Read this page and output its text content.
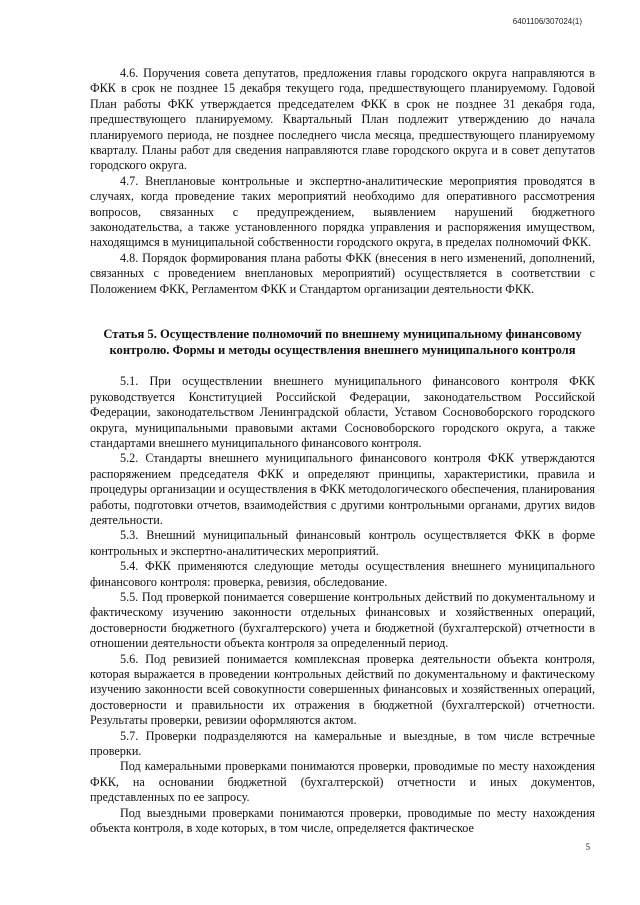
6401106/307024(1)

4.6. Поручения совета депутатов, предложения главы городского округа направляются в ФКК в срок не позднее 15 декабря текущего года, предшествующего планируемому. Годовой План работы ФКК утверждается председателем ФКК в срок не позднее 31 декабря года, предшествующего планируемому. Квартальный План подлежит утверждению до начала планируемого периода, не позднее последнего числа месяца, предшествующего планируемому кварталу. Планы работ для сведения направляются главе городского округа и в совет депутатов городского округа.

4.7. Внеплановые контрольные и экспертно-аналитические мероприятия проводятся в случаях, когда проведение таких мероприятий необходимо для оперативного рассмотрения вопросов, связанных с предупреждением, выявлением нарушений бюджетного законодательства, а также установленного порядка управления и распоряжения имуществом, находящимся в муниципальной собственности городского округа, в пределах полномочий ФКК.

4.8. Порядок формирования плана работы ФКК (внесения в него изменений, дополнений, связанных с проведением внеплановых мероприятий) осуществляется в соответствии с Положением ФКК, Регламентом ФКК и Стандартом организации деятельности ФКК.

Статья 5. Осуществление полномочий по внешнему муниципальному финансовому контролю. Формы и методы осуществления внешнего муниципального контроля

5.1. При осуществлении внешнего муниципального финансового контроля ФКК руководствуется Конституцией Российской Федерации, законодательством Российской Федерации, законодательством Ленинградской области, Уставом Сосновоборского городского округа, муниципальными правовыми актами Сосновоборского городского округа, а также стандартами внешнего муниципального финансового контроля.

5.2. Стандарты внешнего муниципального финансового контроля ФКК утверждаются распоряжением председателя ФКК и определяют принципы, характеристики, правила и процедуры организации и осуществления в ФКК методологического обеспечения, планирования работы, подготовки отчетов, взаимодействия с другими контрольными органами, других видов деятельности.

5.3. Внешний муниципальный финансовый контроль осуществляется ФКК в форме контрольных и экспертно-аналитических мероприятий.

5.4. ФКК применяются следующие методы осуществления внешнего муниципального финансового контроля: проверка, ревизия, обследование.

5.5. Под проверкой понимается совершение контрольных действий по документальному и фактическому изучению законности отдельных финансовых и хозяйственных операций, достоверности бюджетного (бухгалтерского) учета и бюджетной (бухгалтерской) отчетности в отношении деятельности объекта контроля за определенный период.

5.6. Под ревизией понимается комплексная проверка деятельности объекта контроля, которая выражается в проведении контрольных действий по документальному и фактическому изучению законности всей совокупности совершенных финансовых и хозяйственных операций, достоверности и правильности их отражения в бюджетной (бухгалтерской) отчетности. Результаты проверки, ревизии оформляются актом.

5.7. Проверки подразделяются на камеральные и выездные, в том числе встречные проверки.

Под камеральными проверками понимаются проверки, проводимые по месту нахождения ФКК, на основании бюджетной (бухгалтерской) отчетности и иных документов, представленных по ее запросу.

Под выездными проверками понимаются проверки, проводимые по месту нахождения объекта контроля, в ходе которых, в том числе, определяется фактическое

5
